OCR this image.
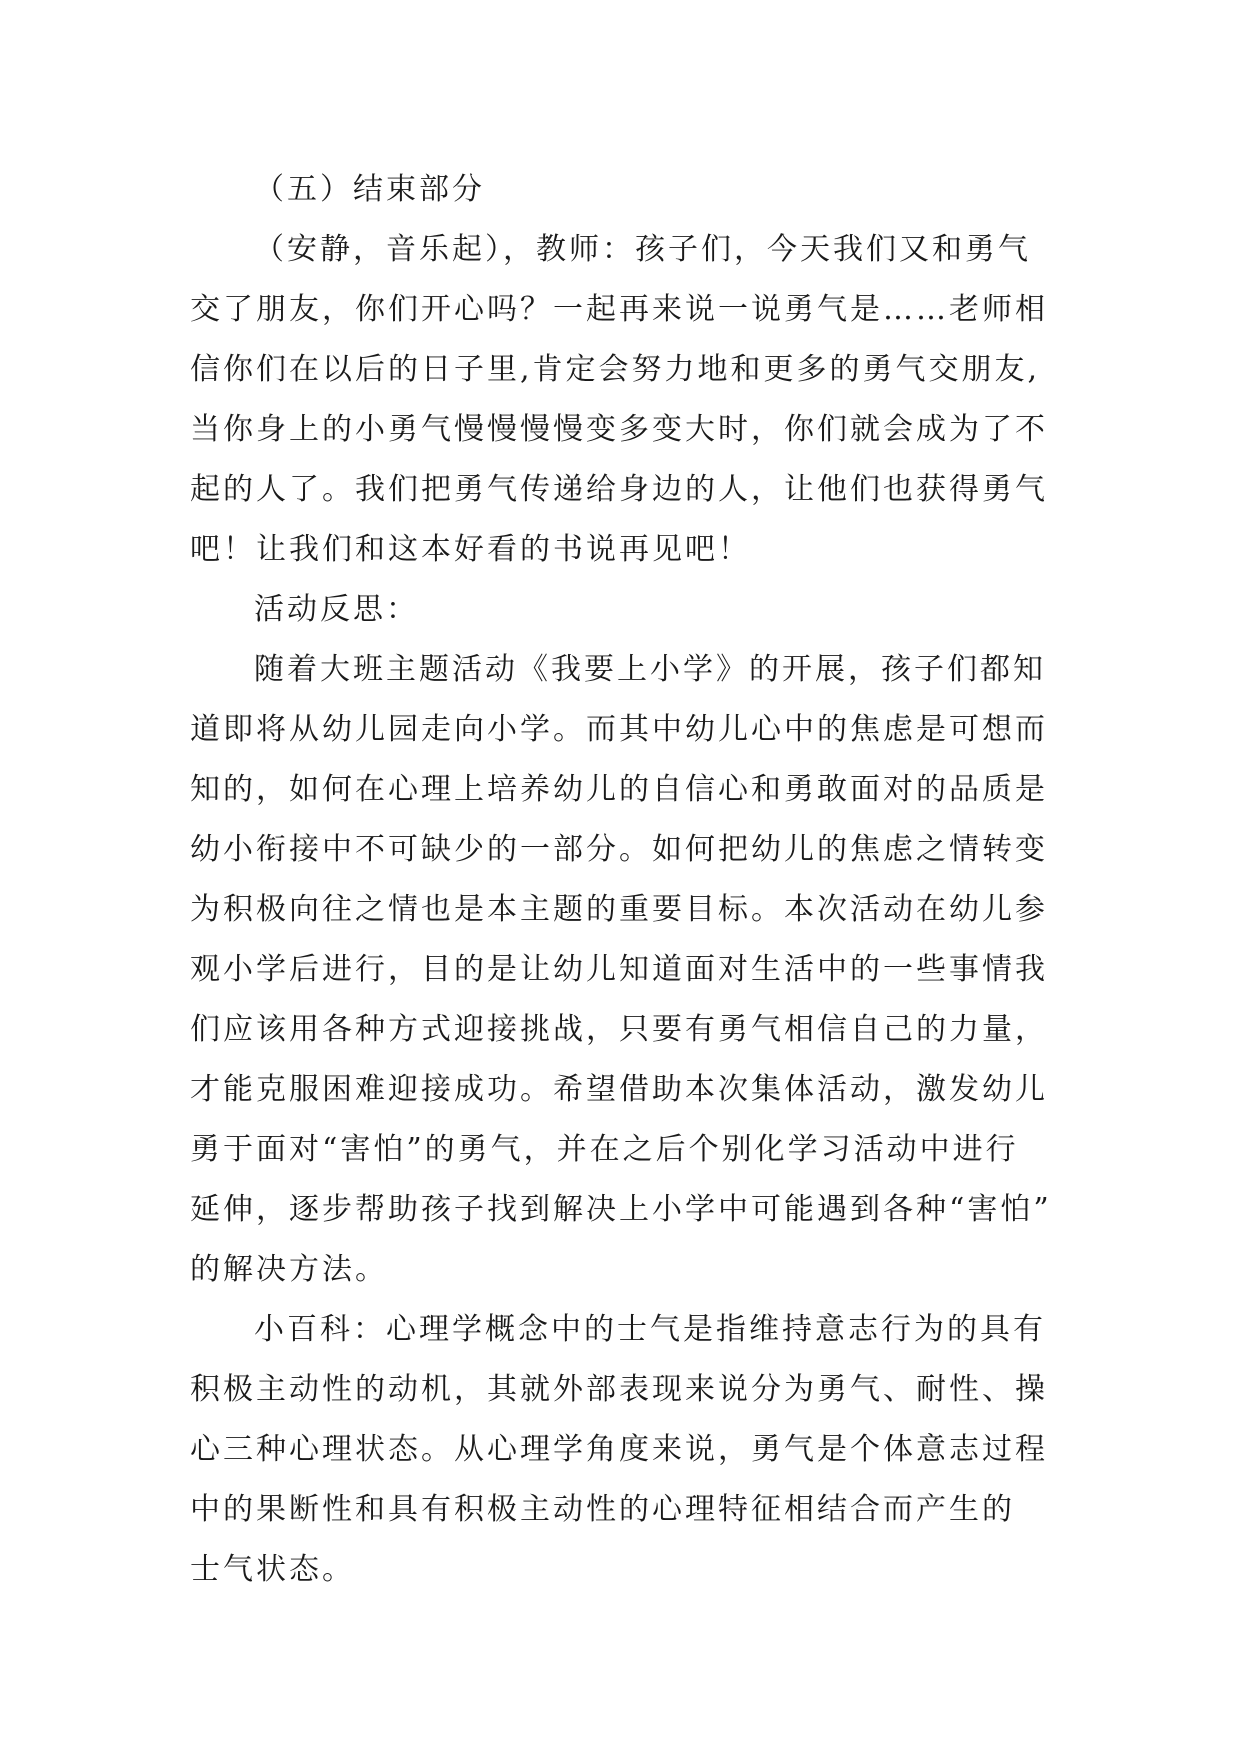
（五）结束部分
（安静，音乐起），教师：孩子们，今天我们又和勇气
交了朋友，你们开心吗？一起再来说一说勇气是……老师相
信你们在以后的日子里,肯定会努力地和更多的勇气交朋友,
当你身上的小勇气慢慢慢慢变多变大时，你们就会成为了不
起的人了。我们把勇气传递给身边的人，让他们也获得勇气
吧！让我们和这本好看的书说再见吧！
活动反思：
随着大班主题活动《我要上小学》的开展，孩子们都知
道即将从幼儿园走向小学。而其中幼儿心中的焦虑是可想而
知的，如何在心理上培养幼儿的自信心和勇敢面对的品质是
幼小衔接中不可缺少的一部分。如何把幼儿的焦虑之情转变
为积极向往之情也是本主题的重要目标。本次活动在幼儿参
观小学后进行，目的是让幼儿知道面对生活中的一些事情我
们应该用各种方式迎接挑战，只要有勇气相信自己的力量，
才能克服困难迎接成功。希望借助本次集体活动，激发幼儿
勇于面对“害怕”的勇气，并在之后个别化学习活动中进行
延伸，逐步帮助孩子找到解决上小学中可能遇到各种“害怕”
的解决方法。
小百科：心理学概念中的士气是指维持意志行为的具有
积极主动性的动机，其就外部表现来说分为勇气、耐性、操
心三种心理状态。从心理学角度来说，勇气是个体意志过程
中的果断性和具有积极主动性的心理特征相结合而产生的
士气状态。
